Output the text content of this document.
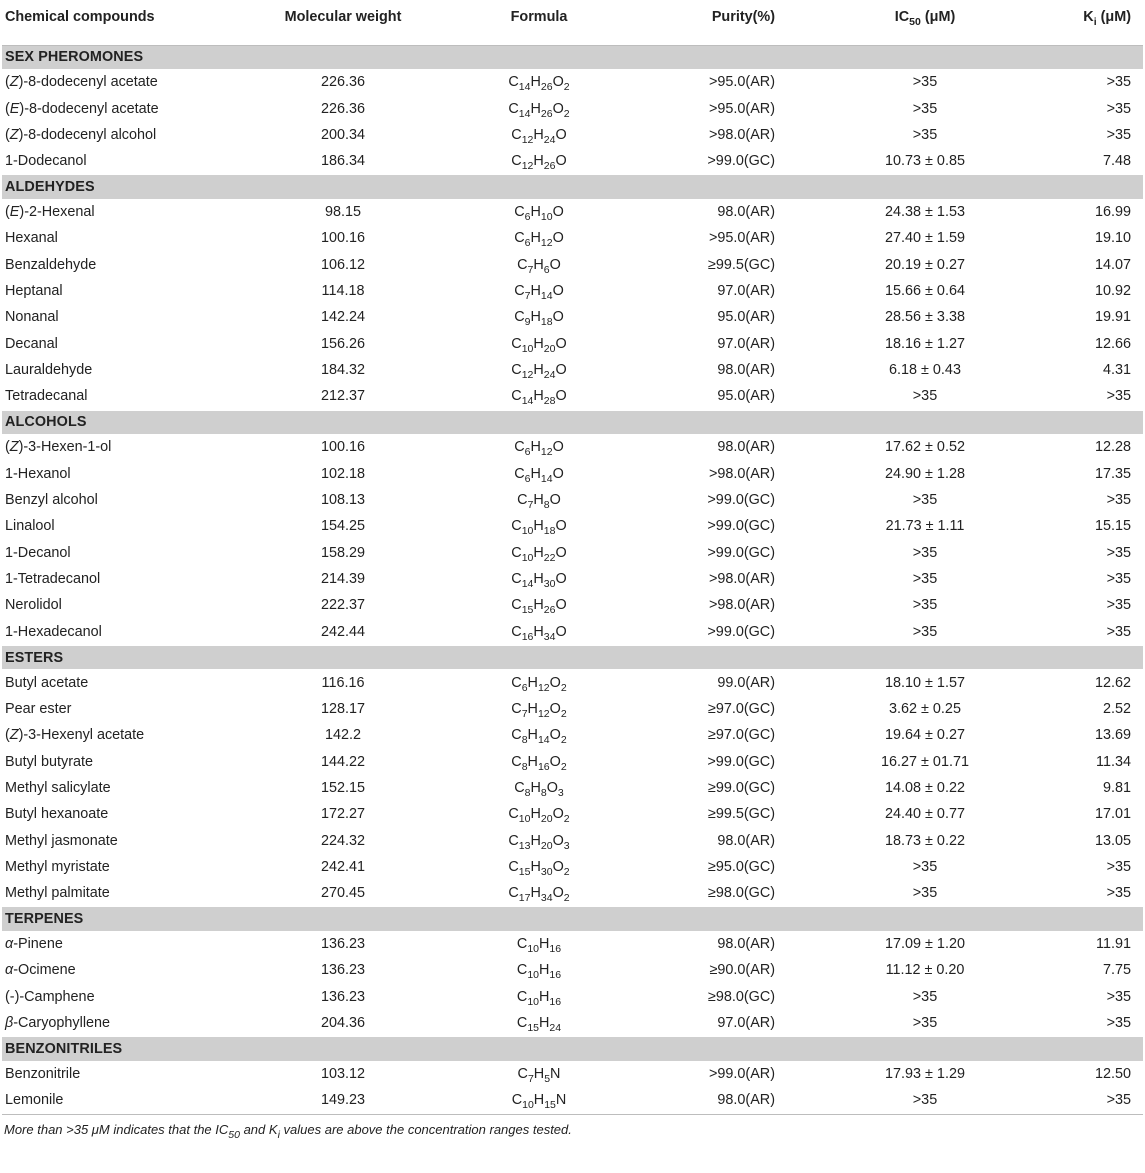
Chemical compounds	Molecular weight	Formula	Purity(%)	$IC_{50}$ (μM)	$K_i$ (μM)
SEX PHEROMONES					
(Z)-8-dodecenyl acetate	226.36	$C_{14}H_{26}O_2$	>95.0(AR)	>35	>35
(E)-8-dodecenyl acetate	226.36	$C_{14}H_{26}O_2$	>95.0(AR)	>35	>35
(Z)-8-dodecenyl alcohol	200.34	$C_{12}H_{24}O$	>98.0(AR)	>35	>35
1-Dodecanol	186.34	$C_{12}H_{26}O$	>99.0(GC)	10.73 ± 0.85	7.48
ALDEHYDES					
(E)-2-Hexenal	98.15	$C_6H_{10}O$	98.0(AR)	24.38 ± 1.53	16.99
Hexanal	100.16	$C_6H_{12}O$	>95.0(AR)	27.40 ± 1.59	19.10
Benzaldehyde	106.12	$C_7H_6O$	≥99.5(GC)	20.19 ± 0.27	14.07
Heptanal	114.18	$C_7H_{14}O$	97.0(AR)	15.66 ± 0.64	10.92
Nonanal	142.24	$C_9H_{18}O$	95.0(AR)	28.56 ± 3.38	19.91
Decanal	156.26	$C_{10}H_{20}O$	97.0(AR)	18.16 ± 1.27	12.66
Lauraldehyde	184.32	$C_{12}H_{24}O$	98.0(AR)	6.18 ± 0.43	4.31
Tetradecanal	212.37	$C_{14}H_{28}O$	95.0(AR)	>35	>35
ALCOHOLS					
(Z)-3-Hexen-1-ol	100.16	$C_6H_{12}O$	98.0(AR)	17.62 ± 0.52	12.28
1-Hexanol	102.18	$C_6H_{14}O$	>98.0(AR)	24.90 ± 1.28	17.35
Benzyl alcohol	108.13	$C_7H_8O$	>99.0(GC)	>35	>35
Linalool	154.25	$C_{10}H_{18}O$	>99.0(GC)	21.73 ± 1.11	15.15
1-Decanol	158.29	$C_{10}H_{22}O$	>99.0(GC)	>35	>35
1-Tetradecanol	214.39	$C_{14}H_{30}O$	>98.0(AR)	>35	>35
Nerolidol	222.37	$C_{15}H_{26}O$	>98.0(AR)	>35	>35
1-Hexadecanol	242.44	$C_{16}H_{34}O$	>99.0(GC)	>35	>35
ESTERS					
Butyl acetate	116.16	$C_6H_{12}O_2$	99.0(AR)	18.10 ± 1.57	12.62
Pear ester	128.17	$C_7H_{12}O_2$	≥97.0(GC)	3.62 ± 0.25	2.52
(Z)-3-Hexenyl acetate	142.2	$C_8H_{14}O_2$	≥97.0(GC)	19.64 ± 0.27	13.69
Butyl butyrate	144.22	$C_8H_{16}O_2$	>99.0(GC)	16.27 ± 01.71	11.34
Methyl salicylate	152.15	$C_8H_8O_3$	≥99.0(GC)	14.08 ± 0.22	9.81
Butyl hexanoate	172.27	$C_{10}H_{20}O_2$	≥99.5(GC)	24.40 ± 0.77	17.01
Methyl jasmonate	224.32	$C_{13}H_{20}O_3$	98.0(AR)	18.73 ± 0.22	13.05
Methyl myristate	242.41	$C_{15}H_{30}O_2$	≥95.0(GC)	>35	>35
Methyl palmitate	270.45	$C_{17}H_{34}O_2$	≥98.0(GC)	>35	>35
TERPENES					
α-Pinene	136.23	$C_{10}H_{16}$	98.0(AR)	17.09 ± 1.20	11.91
α-Ocimene	136.23	$C_{10}H_{16}$	≥90.0(AR)	11.12 ± 0.20	7.75
(-)-Camphene	136.23	$C_{10}H_{16}$	≥98.0(GC)	>35	>35
β-Caryophyllene	204.36	$C_{15}H_{24}$	97.0(AR)	>35	>35
BENZONITRILES					
Benzonitrile	103.12	$C_7H_5N$	>99.0(AR)	17.93 ± 1.29	12.50
Lemonile	149.23	$C_{10}H_{15}N$	98.0(AR)	>35	>35
More than >35 μM indicates that the $IC_{50}$ and $K_i$ values are above the concentration ranges tested.
